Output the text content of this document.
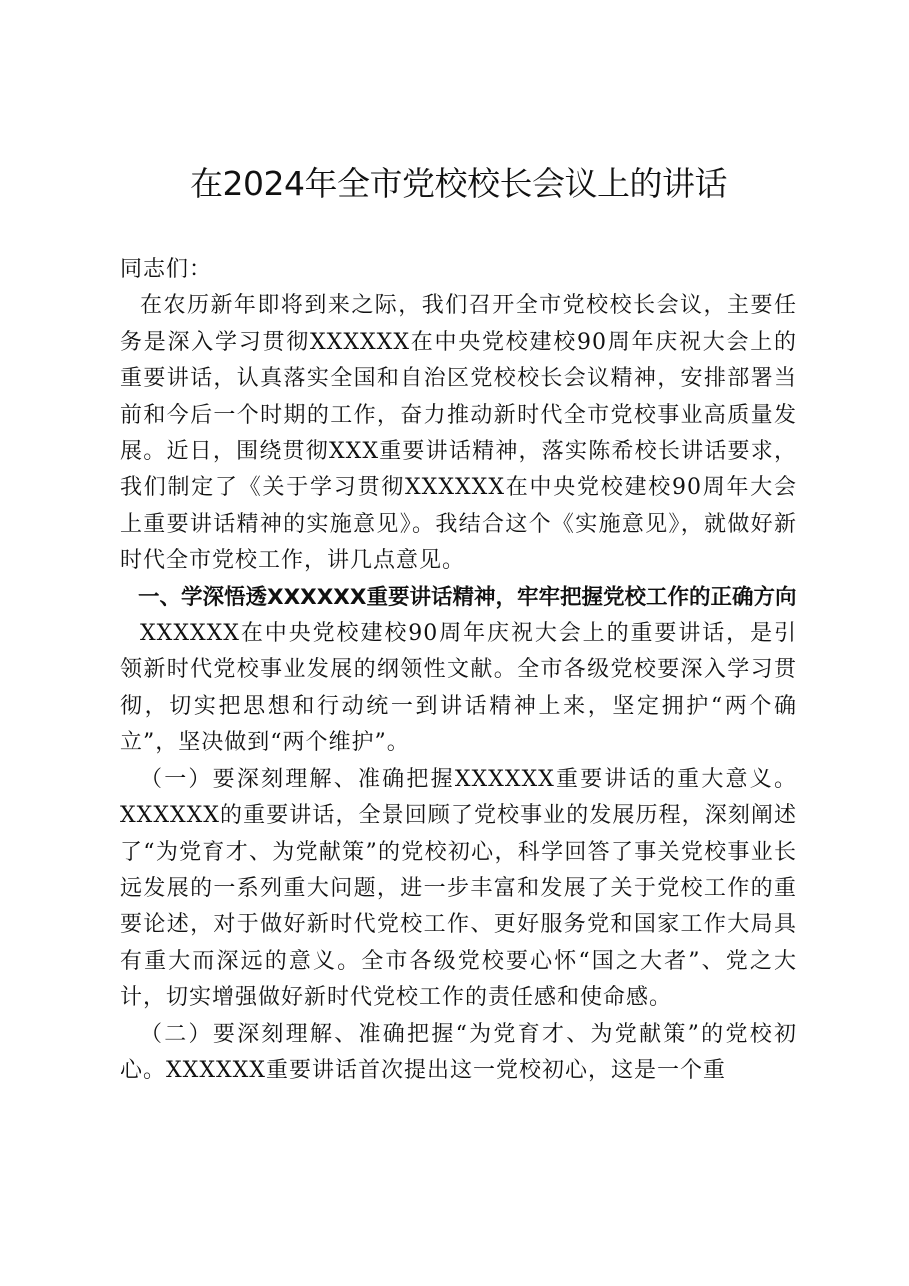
在2024年全市党校校长会议上的讲话

同志们：

在农历新年即将到来之际，我们召开全市党校校长会议，主要任务是深入学习贯彻XXXXXX在中央党校建校90周年庆祝大会上的重要讲话，认真落实全国和自治区党校校长会议精神，安排部署当前和今后一个时期的工作，奋力推动新时代全市党校事业高质量发展。近日，围绕贯彻XXX重要讲话精神，落实陈希校长讲话要求，我们制定了《关于学习贯彻XXXXXX在中央党校建校90周年大会上重要讲话精神的实施意见》。我结合这个《实施意见》，就做好新时代全市党校工作，讲几点意见。

一、学深悟透XXXXXX重要讲话精神，牢牢把握党校工作的正确方向

XXXXXX在中央党校建校90周年庆祝大会上的重要讲话，是引领新时代党校事业发展的纲领性文献。全市各级党校要深入学习贯彻，切实把思想和行动统一到讲话精神上来，坚定拥护“两个确立”，坚决做到“两个维护”。

（一）要深刻理解、准确把握XXXXXX重要讲话的重大意义。XXXXXX的重要讲话，全景回顾了党校事业的发展历程，深刻阐述了“为党育才、为党献策”的党校初心，科学回答了事关党校事业长远发展的一系列重大问题，进一步丰富和发展了关于党校工作的重要论述，对于做好新时代党校工作、更好服务党和国家工作大局具有重大而深远的意义。全市各级党校要心怀“国之大者”、党之大计，切实增强做好新时代党校工作的责任感和使命感。

（二）要深刻理解、准确把握“为党育才、为党献策”的党校初心。XXXXXX重要讲话首次提出这一党校初心，这是一个重
